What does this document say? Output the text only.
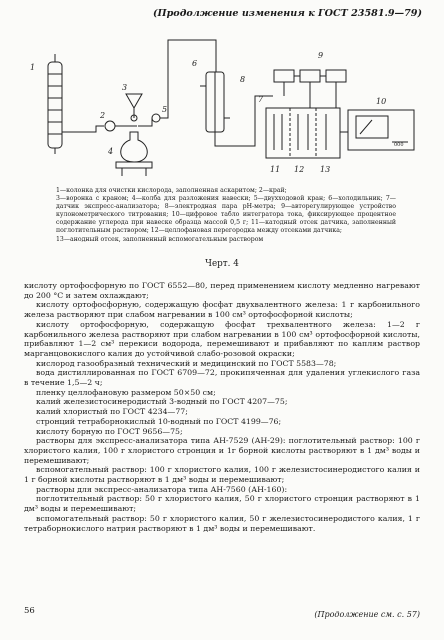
(Продолжение изменения к ГОСТ 23581.9—79)
1
2
3
4
5
6
7
8
9
10
11 12 13
000

1—колонка для очистки кислорода, заполненная аскаритом; 2—край;

3—воронка с краном; 4—колба для разложения навески; 5—двухходовой кран; 6—холодильник; 7—датчик экспресс-анализатора; 8—электродная пара pH-метра; 9—авторегулирующее устройство кулонометрического титрования; 10—цифровое табло интегратора тока, фиксирующее процентное содержание углерода при навеске образца массой 0,5 г; 11—катодный отсек датчика, заполненный поглотительным раствором; 12—целлофановая перегородка между отсеками датчика;

13—анодный отсек, заполненный вспомогательным раствором

Черт. 4

кислоту ортофосфорную по ГОСТ 6552—80, перед применением кислоту медленно нагревают до 200 °С и затем охлаждают;

кислоту ортофосфорную, содержащую фосфат двухвалентного железа: 1 г карбонильного железа растворяют при слабом нагревании в 100 см³ ортофосфорной кислоты;

кислоту ортофосфорную, содержащую фосфат трехвалентного железа: 1—2 г карбонильного железа растворяют при слабом нагревании в 100 см³ ортофосфорной кислоты, прибавляют 1—2 см³ перекиси водорода, перемешивают и прибавляют по каплям раствор марганцовокислого калия до устойчивой слабо-розовой окраски;

кислород газообразный технический и медицинский по ГОСТ 5583—78;

вода дистиллированная по ГОСТ 6709—72, прокипяченная для удаления углекислого газа в течение 1,5—2 ч;

пленку целлофановую размером 50×50 см;

калий железистосинеродистый 3-водный по ГОСТ 4207—75;

калий хлористый по ГОСТ 4234—77;

стронций тетраборнокислый 10-водный по ГОСТ 4199—76;

кислоту борную по ГОСТ 9656—75;

растворы для экспресс-анализатора типа АН-7529 (АН-29): поглотительный раствор: 100 г хлористого калия, 100 г хлористого стронция и 1г борной кислоты растворяют в 1 дм³ воды и перемешивают;

вспомогательный раствор: 100 г хлористого калия, 100 г железистосинеродистого калия и 1 г борной кислоты растворяют в 1 дм³ воды и перемешивают;

растворы для экспресс-анализатора типа АН-7560 (АН-160):

поглотительный раствор: 50 г хлористого калия, 50 г хлористого стронция растворяют в 1 дм³ воды и перемешивают;

вспомогательный раствор: 50 г хлористого калия, 50 г железистосинеродистого калия, 1 г тетраборнокислого натрия растворяют в 1 дм³ воды и перемешивают.

56	(Продолжение см. с. 57)
